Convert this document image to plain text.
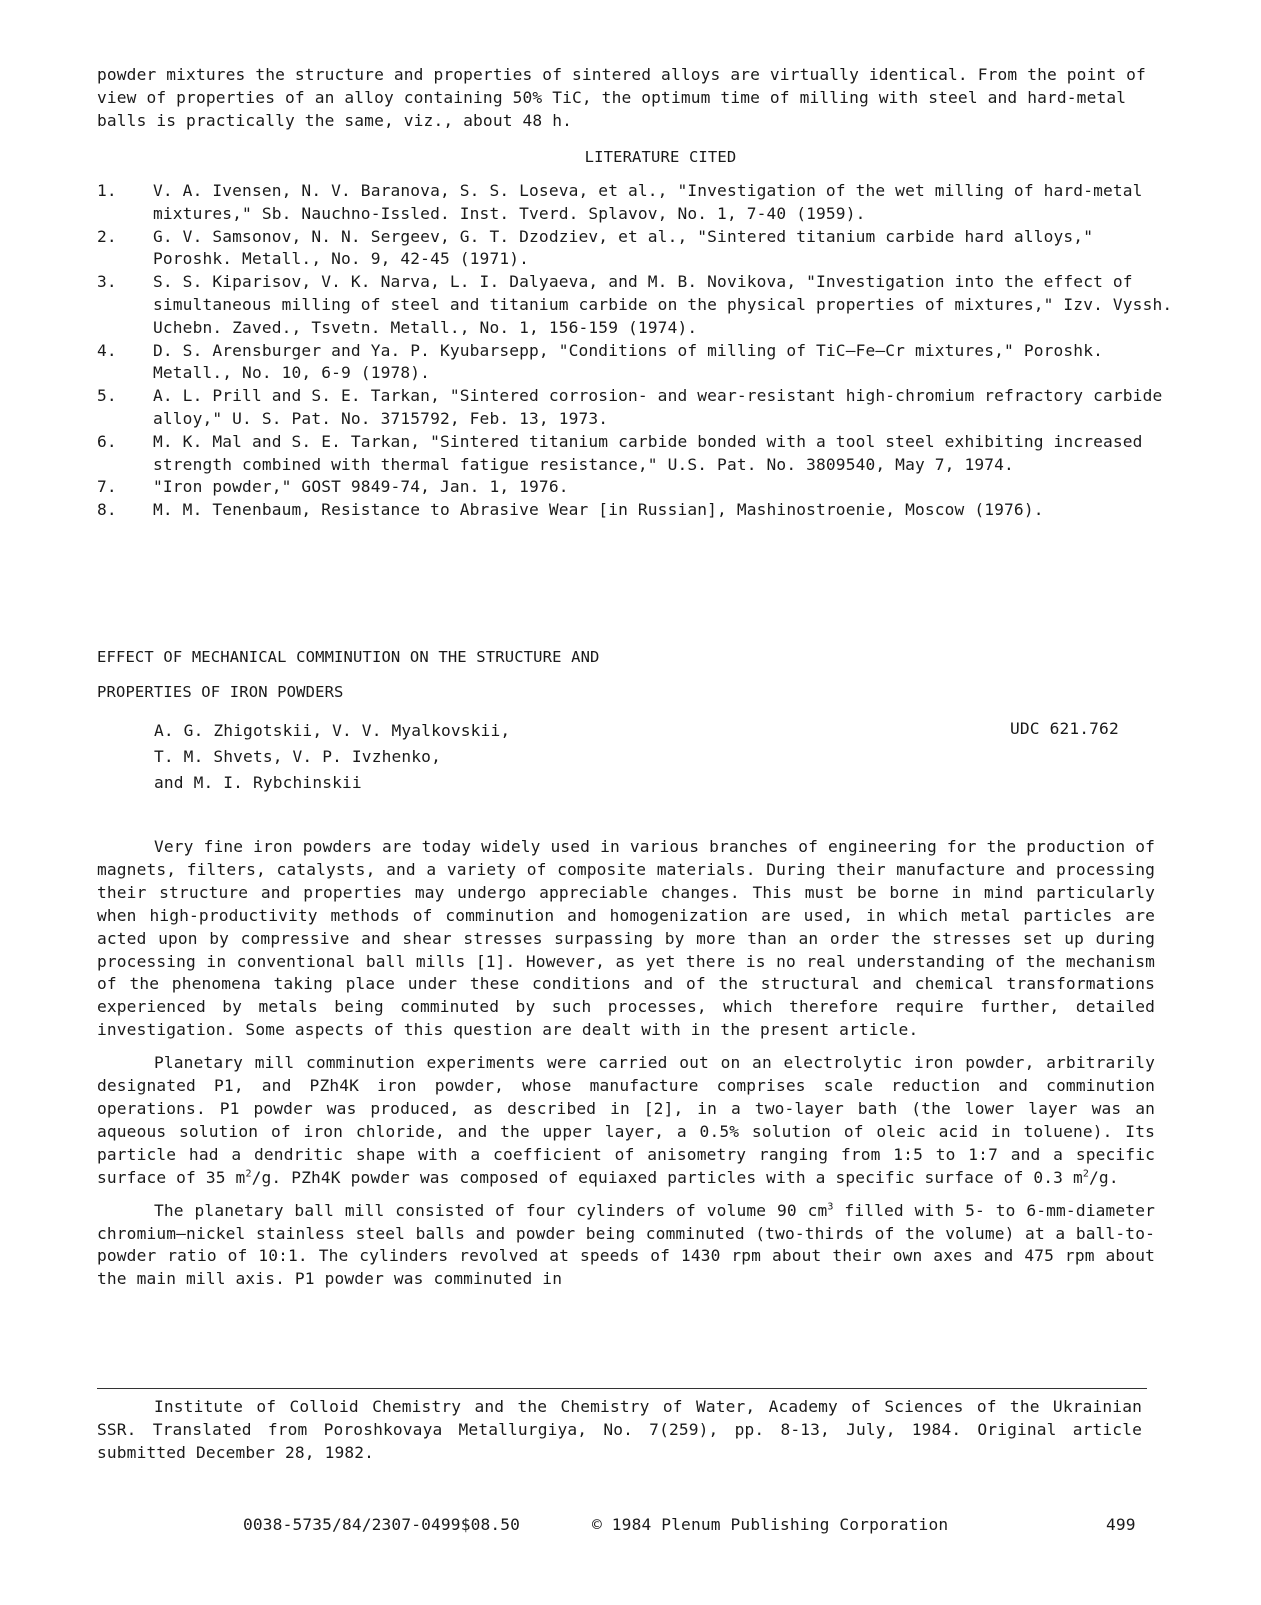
powder mixtures the structure and properties of sintered alloys are virtually identical. From the point of view of properties of an alloy containing 50% TiC, the optimum time of milling with steel and hard-metal balls is practically the same, viz., about 48 h.
LITERATURE CITED
1.	V. A. Ivensen, N. V. Baranova, S. S. Loseva, et al., "Investigation of the wet milling of hard-metal mixtures," Sb. Nauchno-Issled. Inst. Tverd. Splavov, No. 1, 7-40 (1959).
2.	G. V. Samsonov, N. N. Sergeev, G. T. Dzodziev, et al., "Sintered titanium carbide hard alloys," Poroshk. Metall., No. 9, 42-45 (1971).
3.	S. S. Kiparisov, V. K. Narva, L. I. Dalyaeva, and M. B. Novikova, "Investigation into the effect of simultaneous milling of steel and titanium carbide on the physical properties of mixtures," Izv. Vyssh. Uchebn. Zaved., Tsvetn. Metall., No. 1, 156-159 (1974).
4.	D. S. Arensburger and Ya. P. Kyubarsepp, "Conditions of milling of TiC—Fe—Cr mixtures," Poroshk. Metall., No. 10, 6-9 (1978).
5.	A. L. Prill and S. E. Tarkan, "Sintered corrosion- and wear-resistant high-chromium refractory carbide alloy," U. S. Pat. No. 3715792, Feb. 13, 1973.
6.	M. K. Mal and S. E. Tarkan, "Sintered titanium carbide bonded with a tool steel exhibiting increased strength combined with thermal fatigue resistance," U.S. Pat. No. 3809540, May 7, 1974.
7.	"Iron powder," GOST 9849-74, Jan. 1, 1976.
8.	M. M. Tenenbaum, Resistance to Abrasive Wear [in Russian], Mashinostroenie, Moscow (1976).
EFFECT OF MECHANICAL COMMINUTION ON THE STRUCTURE AND
PROPERTIES OF IRON POWDERS
A. G. Zhigotskii, V. V. Myalkovskii,
T. M. Shvets, V. P. Ivzhenko,
and M. I. Rybchinskii
UDC 621.762

Very fine iron powders are today widely used in various branches of engineering for the production of magnets, filters, catalysts, and a variety of composite materials. During their manufacture and processing their structure and properties may undergo appreciable changes. This must be borne in mind particularly when high-productivity methods of comminution and homogenization are used, in which metal particles are acted upon by compressive and shear stresses surpassing by more than an order the stresses set up during processing in conventional ball mills [1]. However, as yet there is no real understanding of the mechanism of the phenomena taking place under these conditions and of the structural and chemical transformations experienced by metals being comminuted by such processes, which therefore require further, detailed investigation. Some aspects of this question are dealt with in the present article.

Planetary mill comminution experiments were carried out on an electrolytic iron powder, arbitrarily designated P1, and PZh4K iron powder, whose manufacture comprises scale reduction and comminution operations. P1 powder was produced, as described in [2], in a two-layer bath (the lower layer was an aqueous solution of iron chloride, and the upper layer, a 0.5% solution of oleic acid in toluene). Its particle had a dendritic shape with a coefficient of anisometry ranging from 1:5 to 1:7 and a specific surface of 35 $m^2/g$. PZh4K powder was composed of equiaxed particles with a specific surface of 0.3 $m^2/g$.

The planetary ball mill consisted of four cylinders of volume 90 $cm^3$ filled with 5- to 6-mm-diameter chromium—nickel stainless steel balls and powder being comminuted (two-thirds of the volume) at a ball-to-powder ratio of 10:1. The cylinders revolved at speeds of 1430 rpm about their own axes and 475 rpm about the main mill axis. P1 powder was comminuted in

Institute of Colloid Chemistry and the Chemistry of Water, Academy of Sciences of the Ukrainian SSR. Translated from Poroshkovaya Metallurgiya, No. 7(259), pp. 8-13, July, 1984. Original article submitted December 28, 1982.
0038-5735/84/2307-0499$08.50	© 1984 Plenum Publishing Corporation	499
